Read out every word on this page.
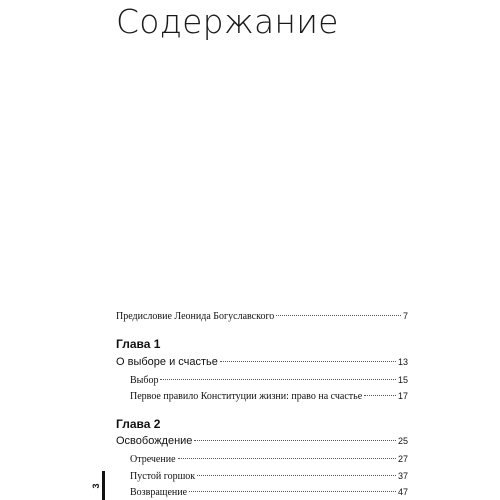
Содержание
Предисловие Леонида Богуславского	7
Глава 1
О выборе и счастье	13
Выбор	15
Первое правило Конституции жизни: право на счастье	17
Глава 2
Освобождение	25
Отречение	27
Пустой горшок	37
Возвращение	47
3
